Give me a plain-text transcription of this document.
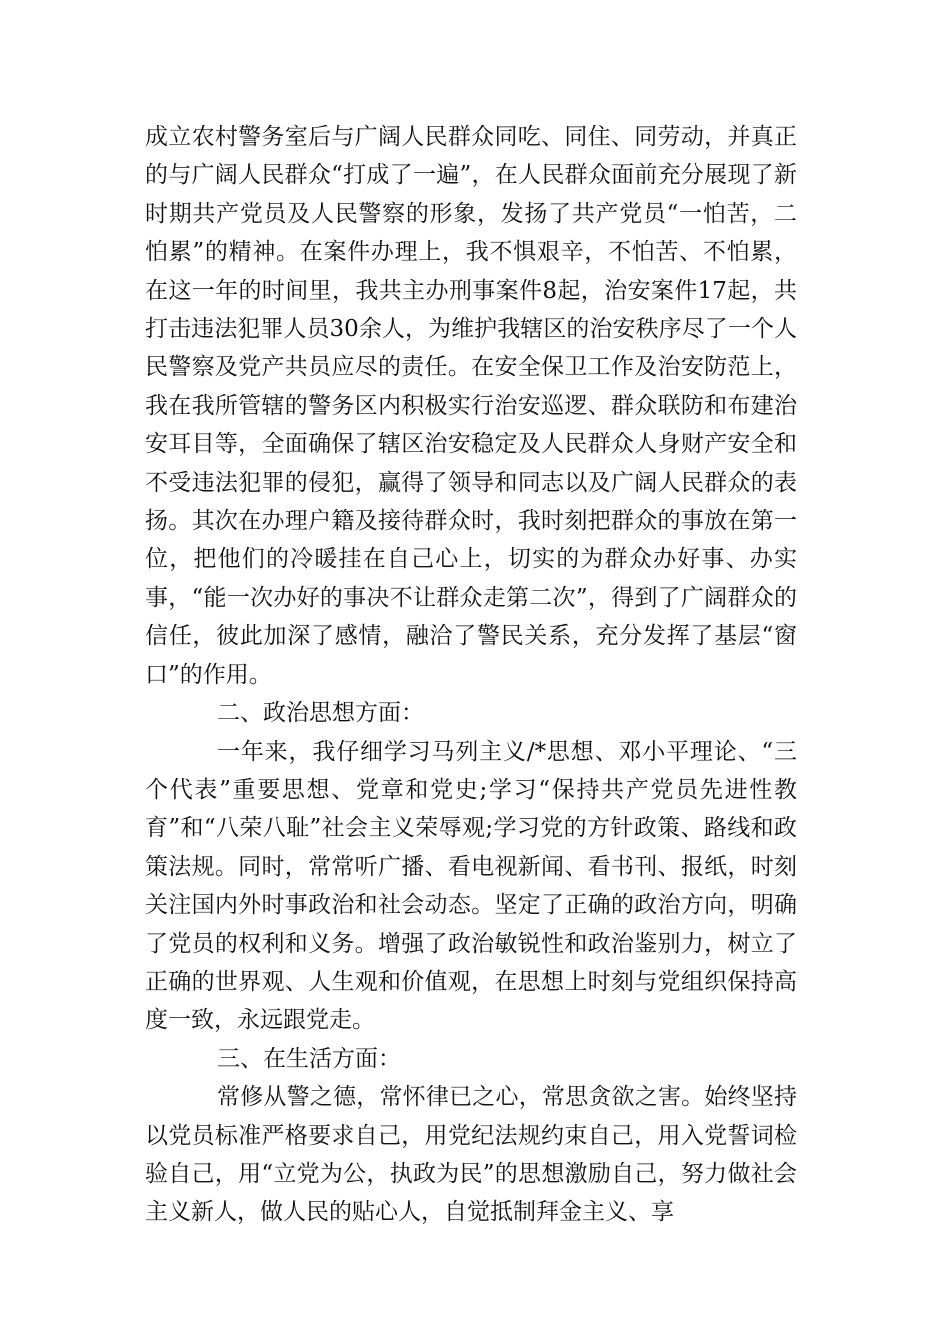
成立农村警务室后与广阔人民群众同吃、同住、同劳动，并真正的与广阔人民群众“打成了一遍”，在人民群众面前充分展现了新时期共产党员及人民警察的形象，发扬了共产党员“一怕苦，二怕累”的精神。在案件办理上，我不惧艰辛，不怕苦、不怕累，在这一年的时间里，我共主办刑事案件8起，治安案件17起，共打击违法犯罪人员30余人，为维护我辖区的治安秩序尽了一个人民警察及党产共员应尽的责任。在安全保卫工作及治安防范上，我在我所管辖的警务区内积极实行治安巡逻、群众联防和布建治安耳目等，全面确保了辖区治安稳定及人民群众人身财产安全和不受违法犯罪的侵犯，赢得了领导和同志以及广阔人民群众的表扬。其次在办理户籍及接待群众时，我时刻把群众的事放在第一位，把他们的冷暖挂在自己心上，切实的为群众办好事、办实事，“能一次办好的事决不让群众走第二次”，得到了广阔群众的信任，彼此加深了感情，融洽了警民关系，充分发挥了基层“窗口”的作用。

二、政治思想方面：

一年来，我仔细学习马列主义/*思想、邓小平理论、“三个代表”重要思想、党章和党史;学习“保持共产党员先进性教育”和“八荣八耻”社会主义荣辱观;学习党的方针政策、路线和政策法规。同时，常常听广播、看电视新闻、看书刊、报纸，时刻关注国内外时事政治和社会动态。坚定了正确的政治方向，明确了党员的权利和义务。增强了政治敏锐性和政治鉴别力，树立了正确的世界观、人生观和价值观，在思想上时刻与党组织保持高度一致，永远跟党走。

三、在生活方面：

常修从警之德，常怀律已之心，常思贪欲之害。始终坚持以党员标准严格要求自己，用党纪法规约束自己，用入党誓词检验自己，用“立党为公，执政为民”的思想激励自己，努力做社会主义新人，做人民的贴心人，自觉抵制拜金主义、享
